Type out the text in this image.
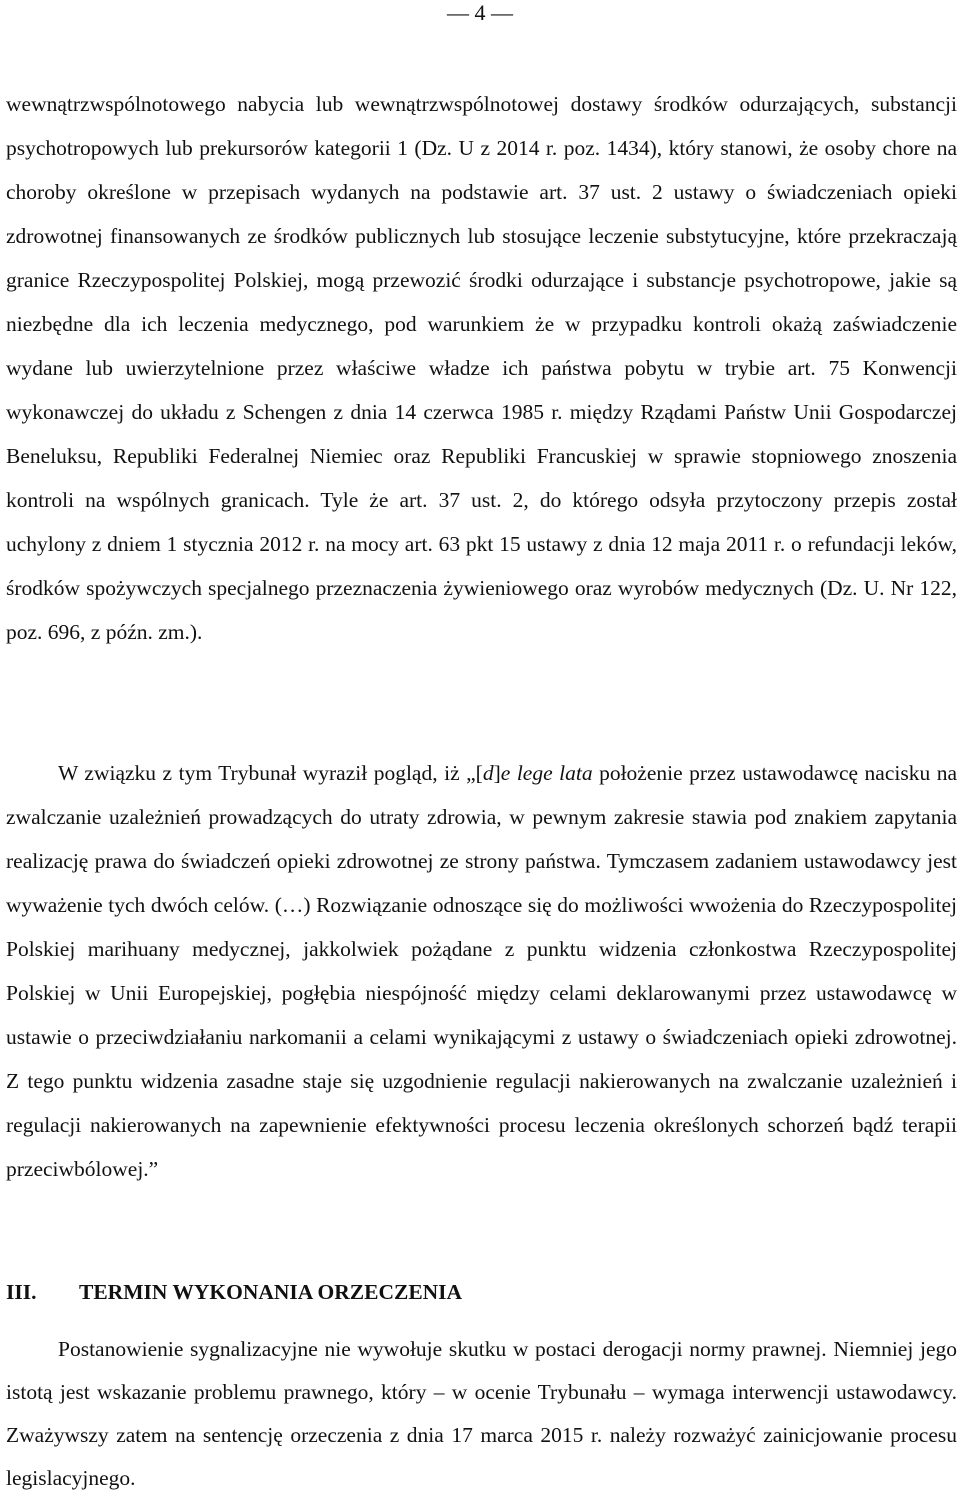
— 4 —

wewnątrzwspólnotowego nabycia lub wewnątrzwspólnotowej dostawy środków odurzających, substancji psychotropowych lub prekursorów kategorii 1 (Dz. U z 2014 r. poz. 1434), który stanowi, że osoby chore na choroby określone w przepisach wydanych na podstawie art. 37 ust. 2 ustawy o świadczeniach opieki zdrowotnej finansowanych ze środków publicznych lub stosujące leczenie substytucyjne, które przekraczają granice Rzeczypospolitej Polskiej, mogą przewozić środki odurzające i substancje psychotropowe, jakie są niezbędne dla ich leczenia medycznego, pod warunkiem że w przypadku kontroli okażą zaświadczenie wydane lub uwierzytelnione przez właściwe władze ich państwa pobytu w trybie art. 75 Konwencji wykonawczej do układu z Schengen z dnia 14 czerwca 1985 r. między Rządami Państw Unii Gospodarczej Beneluksu, Republiki Federalnej Niemiec oraz Republiki Francuskiej w sprawie stopniowego znoszenia kontroli na wspólnych granicach. Tyle że art. 37 ust. 2, do którego odsyła przytoczony przepis został uchylony z dniem 1 stycznia 2012 r. na mocy art. 63 pkt 15 ustawy z dnia 12 maja 2011 r. o refundacji leków, środków spożywczych specjalnego przeznaczenia żywieniowego oraz wyrobów medycznych (Dz. U. Nr 122, poz. 696, z późn. zm.).

W związku z tym Trybunał wyraził pogląd, iż „[d]e lege lata położenie przez ustawodawcę nacisku na zwalczanie uzależnień prowadzących do utraty zdrowia, w pewnym zakresie stawia pod znakiem zapytania realizację prawa do świadczeń opieki zdrowotnej ze strony państwa. Tymczasem zadaniem ustawodawcy jest wyważenie tych dwóch celów. (…) Rozwiązanie odnoszące się do możliwości wwożenia do Rzeczypospolitej Polskiej marihuany medycznej, jakkolwiek pożądane z punktu widzenia członkostwa Rzeczypospolitej Polskiej w Unii Europejskiej, pogłębia niespójność między celami deklarowanymi przez ustawodawcę w ustawie o przeciwdziałaniu narkomanii a celami wynikającymi z ustawy o świadczeniach opieki zdrowotnej. Z tego punktu widzenia zasadne staje się uzgodnienie regulacji nakierowanych na zwalczanie uzależnień i regulacji nakierowanych na zapewnienie efektywności procesu leczenia określonych schorzeń bądź terapii przeciwbólowej.”

III. TERMIN WYKONANIA ORZECZENIA

Postanowienie sygnalizacyjne nie wywołuje skutku w postaci derogacji normy prawnej. Niemniej jego istotą jest wskazanie problemu prawnego, który – w ocenie Trybunału – wymaga interwencji ustawodawcy. Zważywszy zatem na sentencję orzeczenia z dnia 17 marca 2015 r. należy rozważyć zainicjowanie procesu legislacyjnego.
